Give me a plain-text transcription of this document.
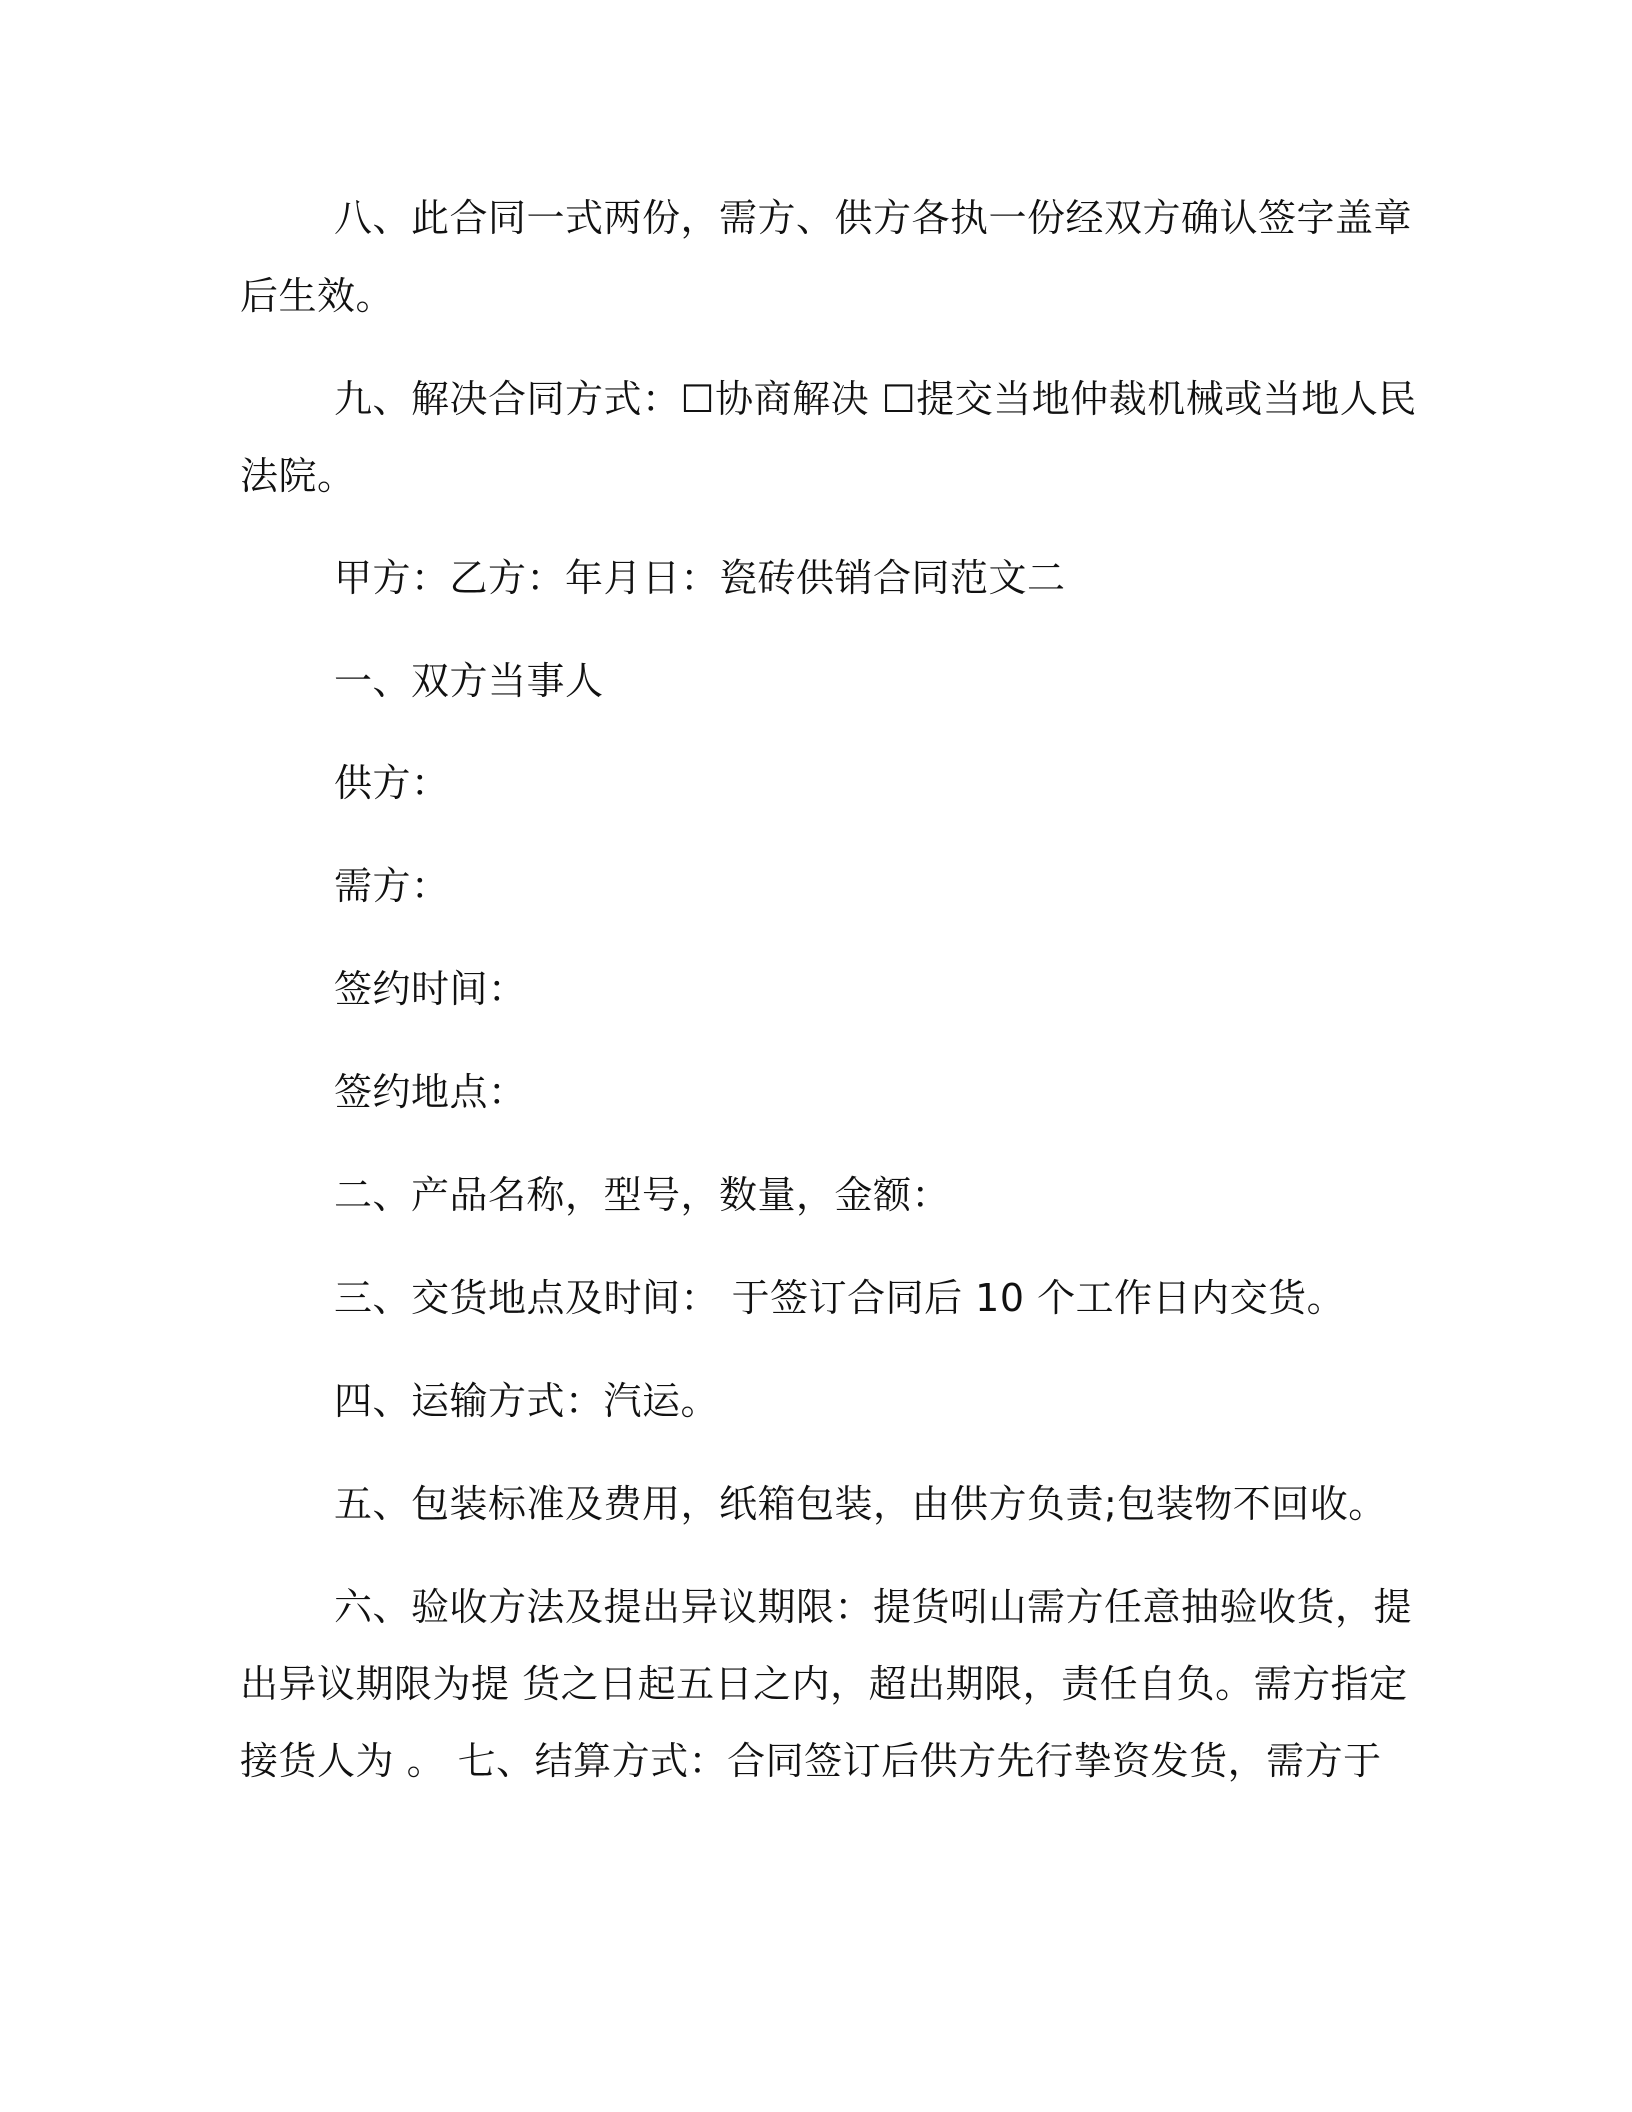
八、此合同一式两份，需方、供方各执一份经双方确认签字盖章
后生效。
九、解决合同方式：☐协商解决 ☐提交当地仲裁机械或当地人民
法院。
甲方：乙方：年月日：瓷砖供销合同范文二
一、双方当事人
供方：
需方：
签约时间：
签约地点：
二、产品名称，型号，数量，金额：
三、交货地点及时间： 于签订合同后 10 个工作日内交货。
四、运输方式：汽运。
五、包装标准及费用，纸箱包装，由供方负责;包装物不回收。
六、验收方法及提出异议期限：提货吲山需方任意抽验收货，提
出异议期限为提 货之日起五日之内，超出期限，责任自负。需方指定
接货人为 。 七、结算方式：合同签订后供方先行挚资发货，需方于
